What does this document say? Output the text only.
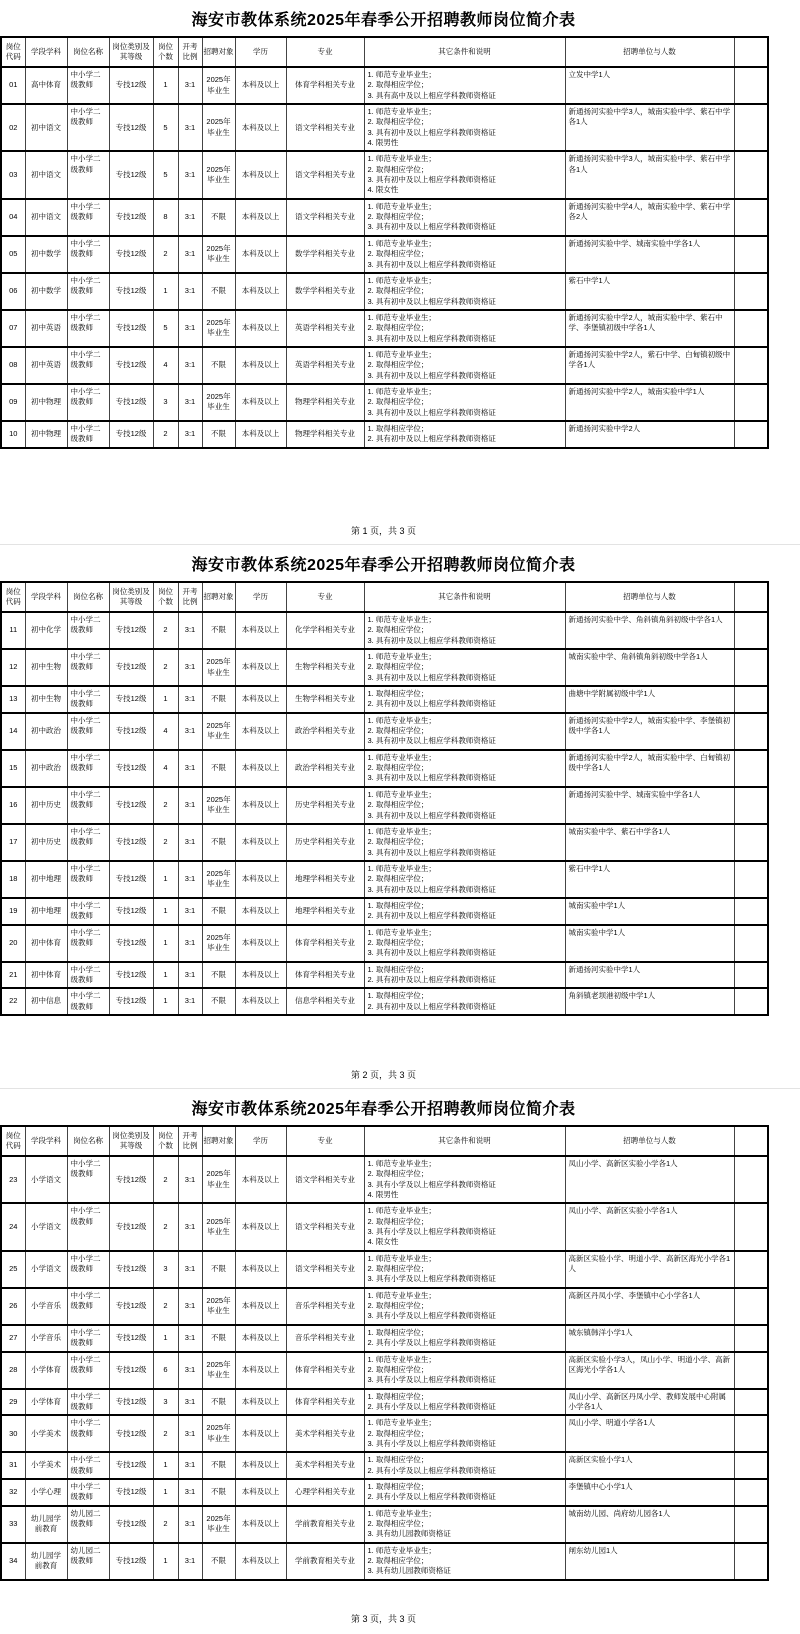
海安市教体系统2025年春季公开招聘教师岗位简介表
岗位代码	学段学科	岗位名称	岗位类别及其等级	岗位个数	开考比例	招聘对象	学历	专业	其它条件和说明	招聘单位与人数	
01	高中体育	中小学二级教师	专技12级	1	3:1	2025年毕业生	本科及以上	体育学科相关专业	1. 师范专业毕业生；
2. 取得相应学位；
3. 具有高中及以上相应学科教师资格证	立发中学1人	
02	初中语文	中小学二级教师	专技12级	5	3:1	2025年毕业生	本科及以上	语文学科相关专业	1. 师范专业毕业生；
2. 取得相应学位；
3. 具有初中及以上相应学科教师资格证
4. 限男性	新通扬河实验中学3人，城南实验中学、紫石中学各1人	
03	初中语文	中小学二级教师	专技12级	5	3:1	2025年毕业生	本科及以上	语文学科相关专业	1. 师范专业毕业生；
2. 取得相应学位；
3. 具有初中及以上相应学科教师资格证
4. 限女性	新通扬河实验中学3人，城南实验中学、紫石中学各1人	
04	初中语文	中小学二级教师	专技12级	8	3:1	不限	本科及以上	语文学科相关专业	1. 师范专业毕业生；
2. 取得相应学位；
3. 具有初中及以上相应学科教师资格证	新通扬河实验中学4人，城南实验中学、紫石中学各2人	
05	初中数学	中小学二级教师	专技12级	2	3:1	2025年毕业生	本科及以上	数学学科相关专业	1. 师范专业毕业生；
2. 取得相应学位；
3. 具有初中及以上相应学科教师资格证	新通扬河实验中学、城南实验中学各1人	
06	初中数学	中小学二级教师	专技12级	1	3:1	不限	本科及以上	数学学科相关专业	1. 师范专业毕业生；
2. 取得相应学位；
3. 具有初中及以上相应学科教师资格证	紫石中学1人	
07	初中英语	中小学二级教师	专技12级	5	3:1	2025年毕业生	本科及以上	英语学科相关专业	1. 师范专业毕业生；
2. 取得相应学位；
3. 具有初中及以上相应学科教师资格证	新通扬河实验中学2人，城南实验中学、紫石中学、李堡镇初级中学各1人	
08	初中英语	中小学二级教师	专技12级	4	3:1	不限	本科及以上	英语学科相关专业	1. 师范专业毕业生；
2. 取得相应学位；
3. 具有初中及以上相应学科教师资格证	新通扬河实验中学2人，紫石中学、白甸镇初级中学各1人	
09	初中物理	中小学二级教师	专技12级	3	3:1	2025年毕业生	本科及以上	物理学科相关专业	1. 师范专业毕业生；
2. 取得相应学位；
3. 具有初中及以上相应学科教师资格证	新通扬河实验中学2人，城南实验中学1人	
10	初中物理	中小学二级教师	专技12级	2	3:1	不限	本科及以上	物理学科相关专业	1. 取得相应学位；
2. 具有初中及以上相应学科教师资格证	新通扬河实验中学2人	
第 1 页，共 3 页
海安市教体系统2025年春季公开招聘教师岗位简介表
岗位代码	学段学科	岗位名称	岗位类别及其等级	岗位个数	开考比例	招聘对象	学历	专业	其它条件和说明	招聘单位与人数	
11	初中化学	中小学二级教师	专技12级	2	3:1	不限	本科及以上	化学学科相关专业	1. 师范专业毕业生；
2. 取得相应学位；
3. 具有初中及以上相应学科教师资格证	新通扬河实验中学、角斜镇角斜初级中学各1人	
12	初中生物	中小学二级教师	专技12级	2	3:1	2025年毕业生	本科及以上	生物学科相关专业	1. 师范专业毕业生；
2. 取得相应学位；
3. 具有初中及以上相应学科教师资格证	城南实验中学、角斜镇角斜初级中学各1人	
13	初中生物	中小学二级教师	专技12级	1	3:1	不限	本科及以上	生物学科相关专业	1. 取得相应学位；
2. 具有初中及以上相应学科教师资格证	曲塘中学附属初级中学1人	
14	初中政治	中小学二级教师	专技12级	4	3:1	2025年毕业生	本科及以上	政治学科相关专业	1. 师范专业毕业生；
2. 取得相应学位；
3. 具有初中及以上相应学科教师资格证	新通扬河实验中学2人，城南实验中学、李堡镇初级中学各1人	
15	初中政治	中小学二级教师	专技12级	4	3:1	不限	本科及以上	政治学科相关专业	1. 师范专业毕业生；
2. 取得相应学位；
3. 具有初中及以上相应学科教师资格证	新通扬河实验中学2人，城南实验中学、白甸镇初级中学各1人	
16	初中历史	中小学二级教师	专技12级	2	3:1	2025年毕业生	本科及以上	历史学科相关专业	1. 师范专业毕业生；
2. 取得相应学位；
3. 具有初中及以上相应学科教师资格证	新通扬河实验中学、城南实验中学各1人	
17	初中历史	中小学二级教师	专技12级	2	3:1	不限	本科及以上	历史学科相关专业	1. 师范专业毕业生；
2. 取得相应学位；
3. 具有初中及以上相应学科教师资格证	城南实验中学、紫石中学各1人	
18	初中地理	中小学二级教师	专技12级	1	3:1	2025年毕业生	本科及以上	地理学科相关专业	1. 师范专业毕业生；
2. 取得相应学位；
3. 具有初中及以上相应学科教师资格证	紫石中学1人	
19	初中地理	中小学二级教师	专技12级	1	3:1	不限	本科及以上	地理学科相关专业	1. 取得相应学位；
2. 具有初中及以上相应学科教师资格证	城南实验中学1人	
20	初中体育	中小学二级教师	专技12级	1	3:1	2025年毕业生	本科及以上	体育学科相关专业	1. 师范专业毕业生；
2. 取得相应学位；
3. 具有初中及以上相应学科教师资格证	城南实验中学1人	
21	初中体育	中小学二级教师	专技12级	1	3:1	不限	本科及以上	体育学科相关专业	1. 取得相应学位；
2. 具有初中及以上相应学科教师资格证	新通扬河实验中学1人	
22	初中信息	中小学二级教师	专技12级	1	3:1	不限	本科及以上	信息学科相关专业	1. 取得相应学位；
2. 具有初中及以上相应学科教师资格证	角斜镇老坝港初级中学1人	
第 2 页，共 3 页
海安市教体系统2025年春季公开招聘教师岗位简介表
岗位代码	学段学科	岗位名称	岗位类别及其等级	岗位个数	开考比例	招聘对象	学历	专业	其它条件和说明	招聘单位与人数	
23	小学语文	中小学二级教师	专技12级	2	3:1	2025年毕业生	本科及以上	语文学科相关专业	1. 师范专业毕业生；
2. 取得相应学位；
3. 具有小学及以上相应学科教师资格证
4. 限男性	凤山小学、高新区实验小学各1人	
24	小学语文	中小学二级教师	专技12级	2	3:1	2025年毕业生	本科及以上	语文学科相关专业	1. 师范专业毕业生；
2. 取得相应学位；
3. 具有小学及以上相应学科教师资格证
4. 限女性	凤山小学、高新区实验小学各1人	
25	小学语文	中小学二级教师	专技12级	3	3:1	不限	本科及以上	语文学科相关专业	1. 师范专业毕业生；
2. 取得相应学位；
3. 具有小学及以上相应学科教师资格证	高新区实验小学、明道小学、高新区海光小学各1人	
26	小学音乐	中小学二级教师	专技12级	2	3:1	2025年毕业生	本科及以上	音乐学科相关专业	1. 师范专业毕业生；
2. 取得相应学位；
3. 具有小学及以上相应学科教师资格证	高新区丹凤小学、李堡镇中心小学各1人	
27	小学音乐	中小学二级教师	专技12级	1	3:1	不限	本科及以上	音乐学科相关专业	1. 取得相应学位；
2. 具有小学及以上相应学科教师资格证	城东镇韩洋小学1人	
28	小学体育	中小学二级教师	专技12级	6	3:1	2025年毕业生	本科及以上	体育学科相关专业	1. 师范专业毕业生；
2. 取得相应学位；
3. 具有小学及以上相应学科教师资格证	高新区实验小学3人，凤山小学、明道小学、高新区海光小学各1人	
29	小学体育	中小学二级教师	专技12级	3	3:1	不限	本科及以上	体育学科相关专业	1. 取得相应学位；
2. 具有小学及以上相应学科教师资格证	凤山小学、高新区丹凤小学、教师发展中心附属小学各1人	
30	小学美术	中小学二级教师	专技12级	2	3:1	2025年毕业生	本科及以上	美术学科相关专业	1. 师范专业毕业生；
2. 取得相应学位；
3. 具有小学及以上相应学科教师资格证	凤山小学、明道小学各1人	
31	小学美术	中小学二级教师	专技12级	1	3:1	不限	本科及以上	美术学科相关专业	1. 取得相应学位；
2. 具有小学及以上相应学科教师资格证	高新区实验小学1人	
32	小学心理	中小学二级教师	专技12级	1	3:1	不限	本科及以上	心理学科相关专业	1. 取得相应学位；
2. 具有小学及以上相应学科教师资格证	李堡镇中心小学1人	
33	幼儿园学前教育	幼儿园二级教师	专技12级	2	3:1	2025年毕业生	本科及以上	学前教育相关专业	1. 师范专业毕业生；
2. 取得相应学位；
3. 具有幼儿园教师资格证	城南幼儿园、尚府幼儿园各1人	
34	幼儿园学前教育	幼儿园二级教师	专技12级	1	3:1	不限	本科及以上	学前教育相关专业	1. 师范专业毕业生；
2. 取得相应学位；
3. 具有幼儿园教师资格证	闸东幼儿园1人	
第 3 页，共 3 页
